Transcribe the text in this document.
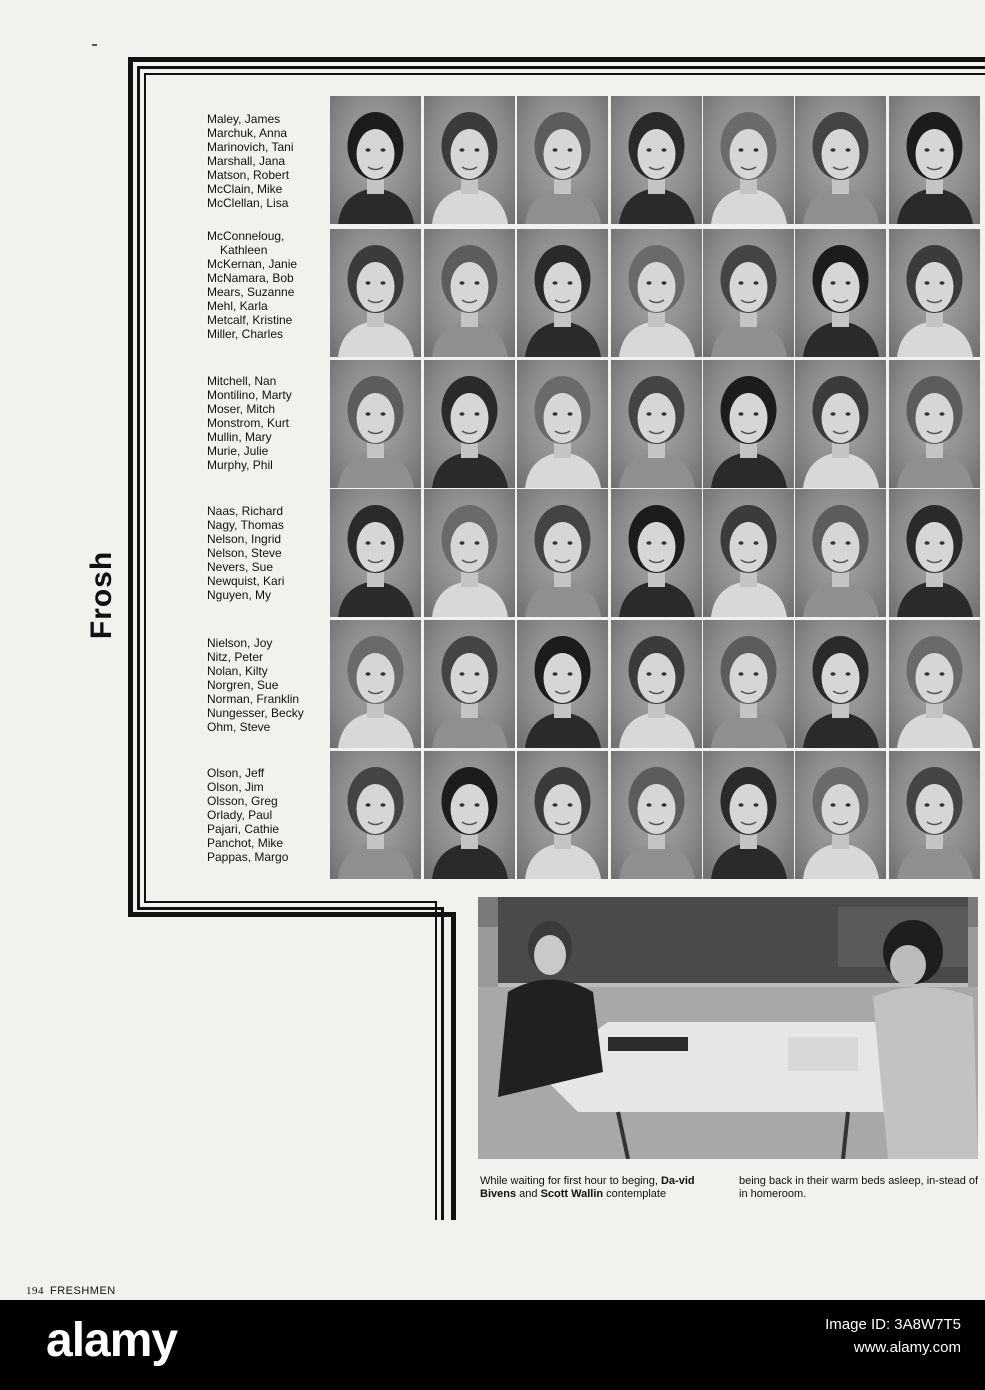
Frosh
Maley, James
Marchuk, Anna
Marinovich, Tani
Marshall, Jana
Matson, Robert
McClain, Mike
McClellan, Lisa
McConneloug,
Kathleen
McKernan, Janie
McNamara, Bob
Mears, Suzanne
Mehl, Karla
Metcalf, Kristine
Miller, Charles
Mitchell, Nan
Montilino, Marty
Moser, Mitch
Monstrom, Kurt
Mullin, Mary
Murie, Julie
Murphy, Phil
Naas, Richard
Nagy, Thomas
Nelson, Ingrid
Nelson, Steve
Nevers, Sue
Newquist, Kari
Nguyen, My
Nielson, Joy
Nitz, Peter
Nolan, Kilty
Norgren, Sue
Norman, Franklin
Nungesser, Becky
Ohm, Steve
Olson, Jeff
Olson, Jim
Olsson, Greg
Orlady, Paul
Pajari, Cathie
Panchot, Mike
Pappas, Margo
While waiting for first hour to beging, Da-vid Bivens and Scott Wallin contemplate
being back in their warm beds asleep, in-stead of in homeroom.
194 FRESHMEN
alamy	Image ID: 3A8W7T5
www.alamy.com
